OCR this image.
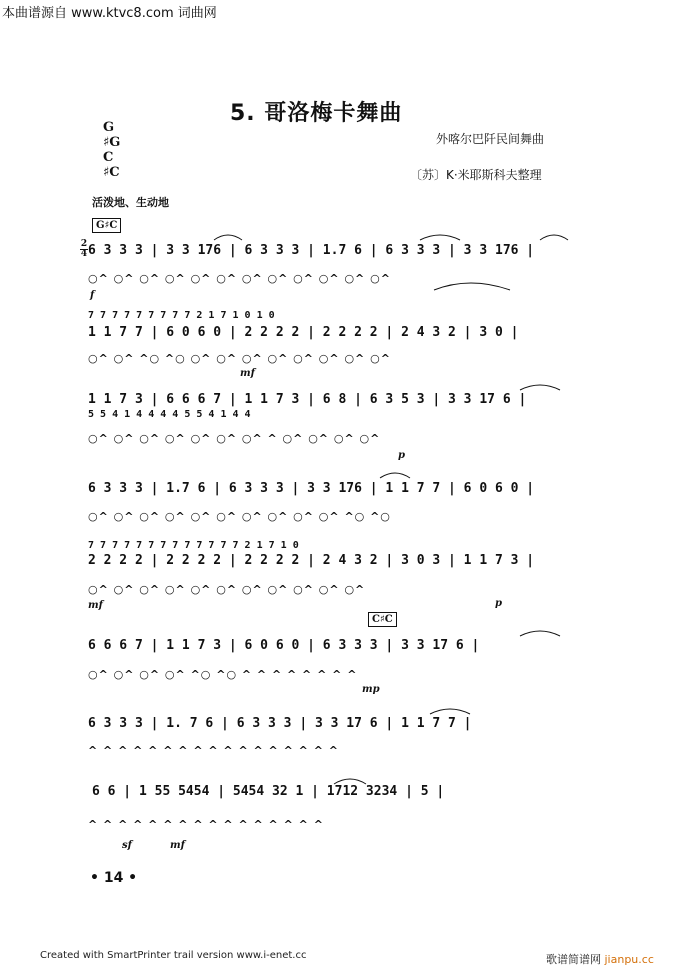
本曲谱源自 www.ktvc8.com 词曲网
5. 哥洛梅卡舞曲
外喀尔巴阡民间舞曲
〔苏〕K·米耶斯科夫整理
G
♯G
C
♯C
活泼地、生动地
G♯C
2
4 6 3 3 3 | 3 3 176 | 6 3 3 3 | 1.7 6 | 6 3 3 3 | 3 3 176 |
○^ ○^ ○^ ○^ ○^ ○^ ○^ ○^ ○^ ○^ ○^ ○^
f
7 7 7 7 7 7 7 7 7 2 1 7 1 0 1 0
1 1 7 7 | 6 0 6 0 | 2 2 2 2 | 2 2 2 2 | 2 4 3 2 | 3 0 |
○^ ○^ ^○ ^○ ○^ ○^ ○^ ○^ ○^ ○^ ○^ ○^
mf
1 1 7 3 | 6 6 6 7 | 1 1 7 3 | 6 8 | 6 3 5 3 | 3 3 17 6 |
5 5 4 1 4 4 4 4 5 5 4 1 4 4
○^ ○^ ○^ ○^ ○^ ○^ ○^ ^ ○^ ○^ ○^ ○^
p
6 3 3 3 | 1.7 6 | 6 3 3 3 | 3 3 176 | 1 1 7 7 | 6 0 6 0 |
○^ ○^ ○^ ○^ ○^ ○^ ○^ ○^ ○^ ○^ ^○ ^○
7 7 7 7 7 7 7 7 7 7 7 7 7 2 1 7 1 0
2 2 2 2 | 2 2 2 2 | 2 2 2 2 | 2 4 3 2 | 3 0 3 | 1 1 7 3 |
○^ ○^ ○^ ○^ ○^ ○^ ○^ ○^ ○^ ○^ ○^
mf	p
C♯C
6 6 6 7 | 1 1 7 3 | 6 0 6 0 | 6 3 3 3 | 3 3 17 6 |
○^ ○^ ○^ ○^ ^○ ^○ ^ ^ ^ ^ ^ ^ ^ ^
mp
6 3 3 3 | 1. 7 6 | 6 3 3 3 | 3 3 17 6 | 1 1 7 7 |
^ ^ ^ ^ ^ ^ ^ ^ ^ ^ ^ ^ ^ ^ ^ ^ ^
6 6 | 1 55 5454 | 5454 32 1 | 1712 3234 | 5 |
^ ^ ^ ^ ^ ^ ^ ^ ^ ^ ^ ^ ^ ^ ^ ^
sf	mf
• 14 •
Created with SmartPrinter trail version www.i-enet.cc	歌谱简谱网 jianpu.cc
